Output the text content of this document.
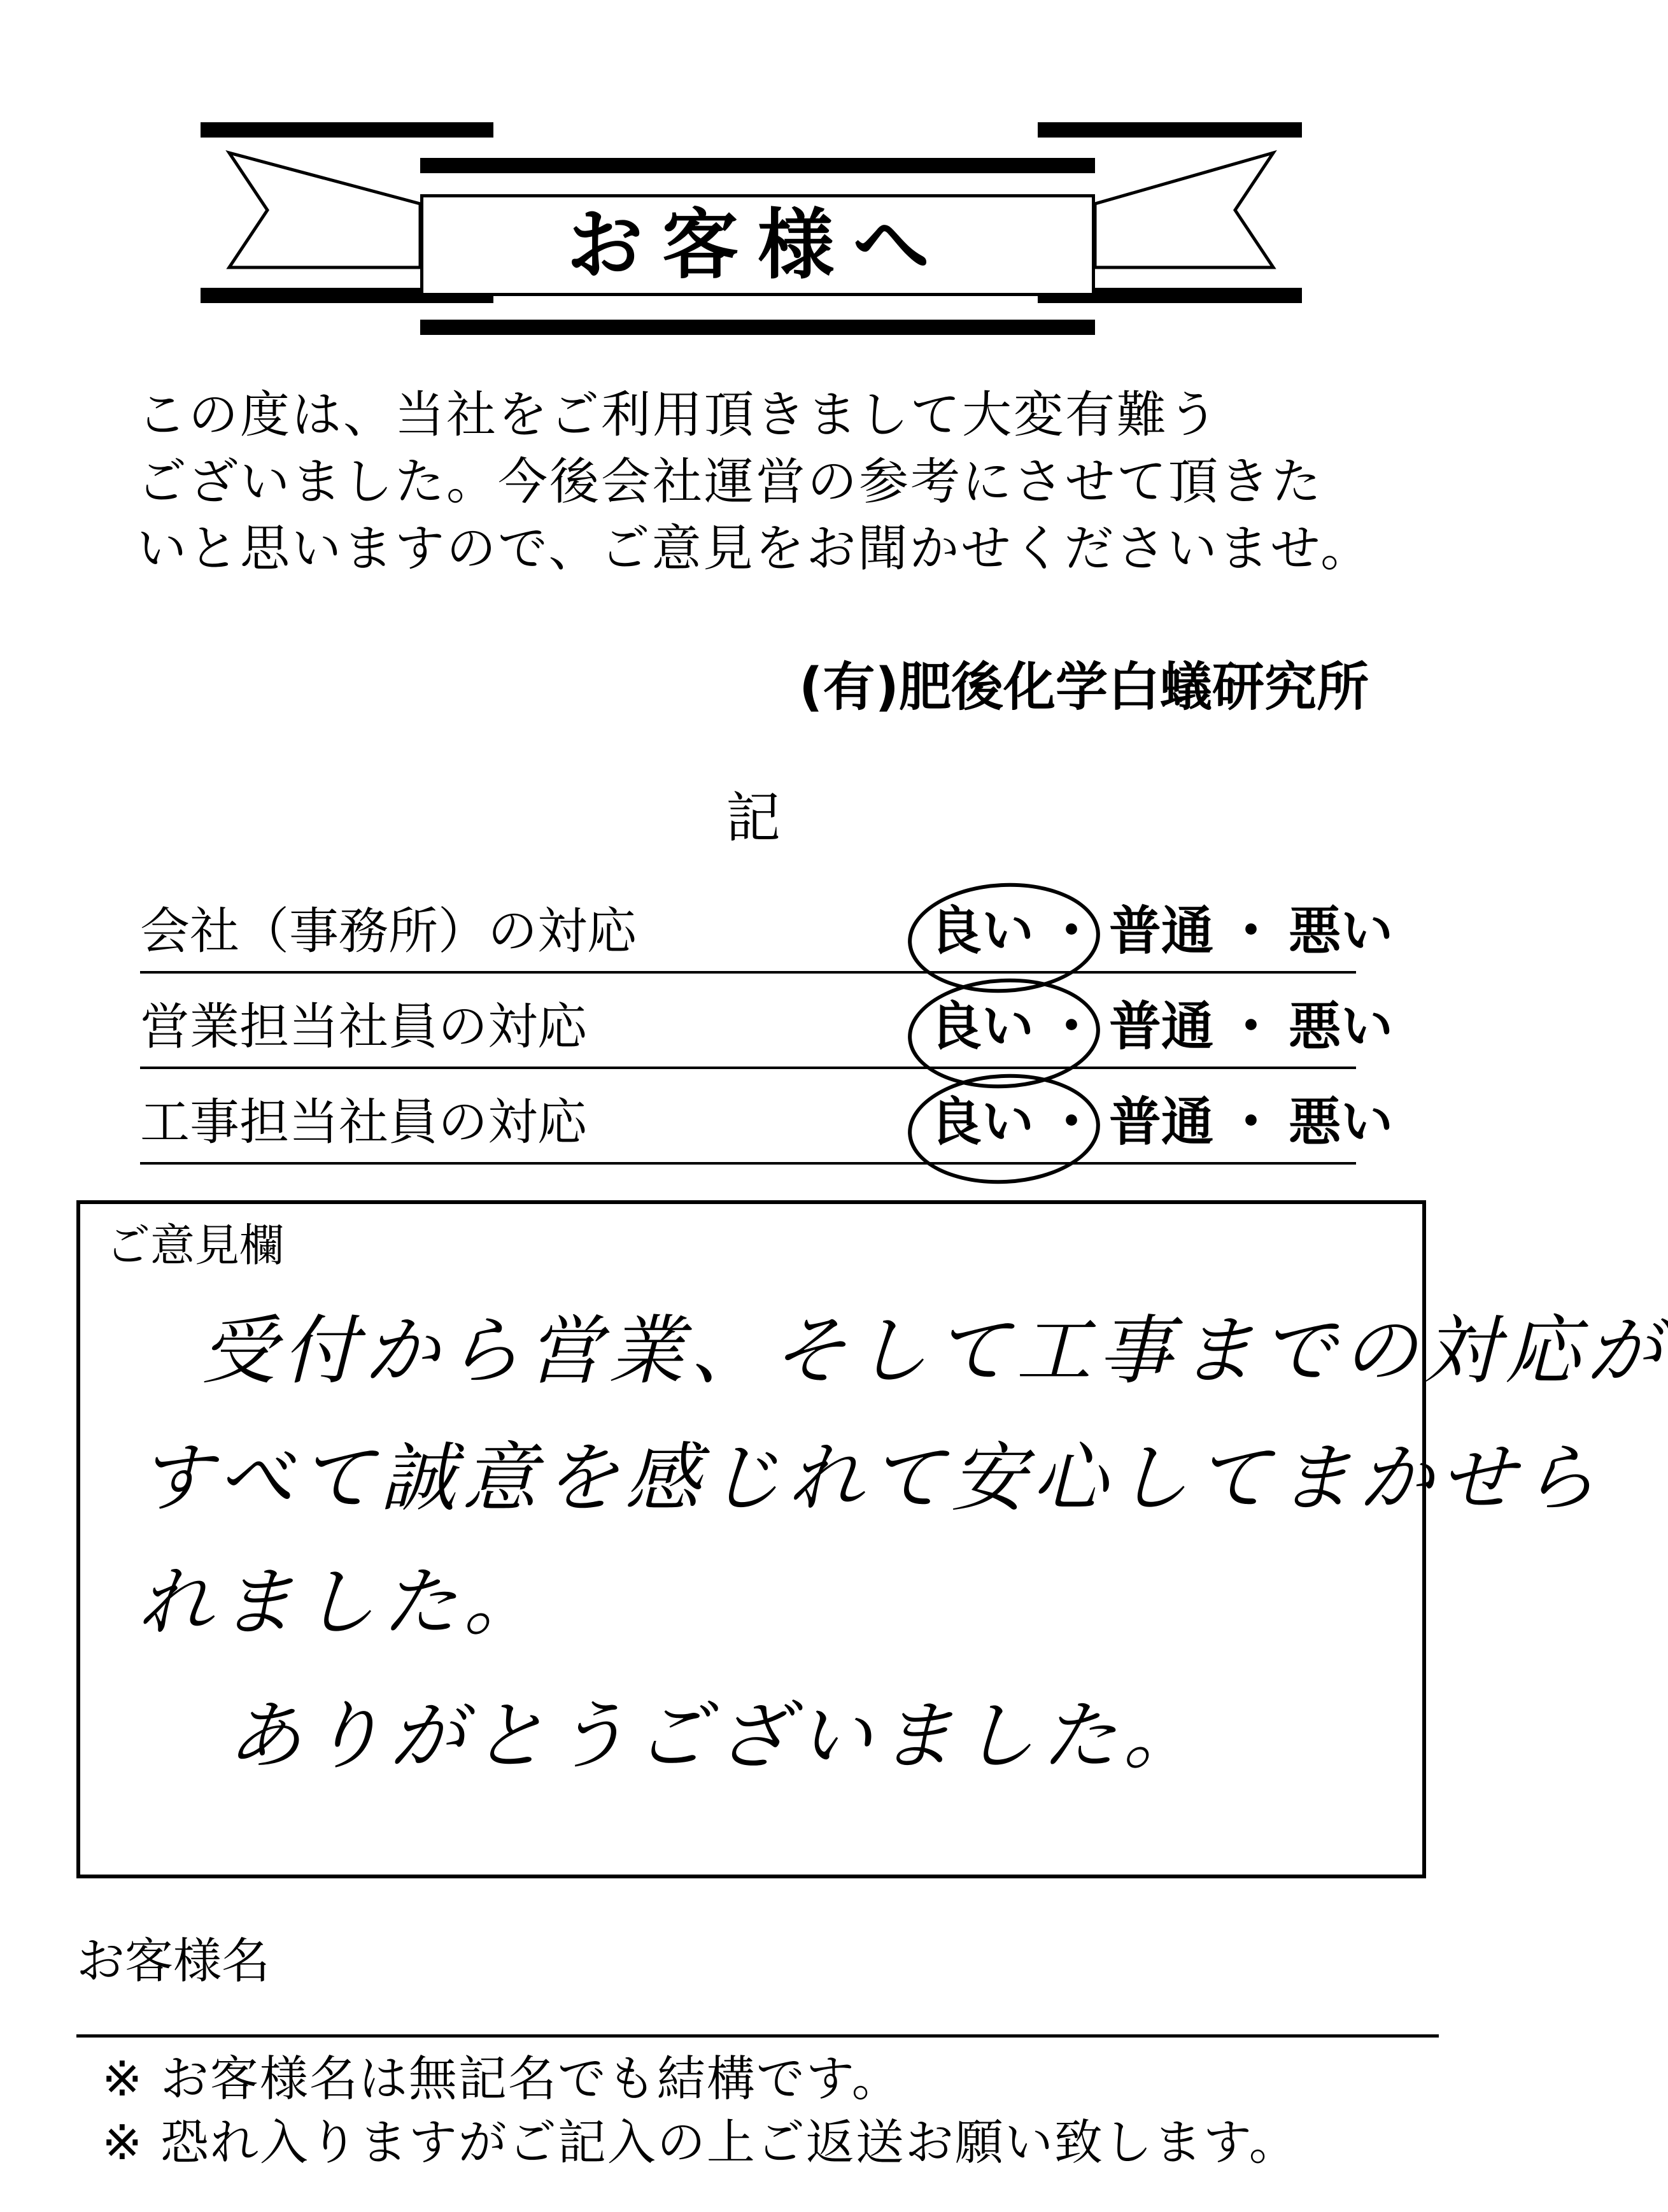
お客様へ
この度は、当社をご利用頂きまして大変有難う
ございました。今後会社運営の参考にさせて頂きた
いと思いますので、ご意見をお聞かせくださいませ。
(有)肥後化学白蟻研究所
記
会社（事務所）の対応	良い ・ 普通 ・ 悪い
営業担当社員の対応	良い ・ 普通 ・ 悪い
工事担当社員の対応	良い ・ 普通 ・ 悪い
ご意見欄
受付から営業、そして工事までの対応が
すべて誠意を感じれて安心してまかせら
れました。
ありがとうございました。
お客様名
※ お客様名は無記名でも結構です。
※ 恐れ入りますがご記入の上ご返送お願い致します。
